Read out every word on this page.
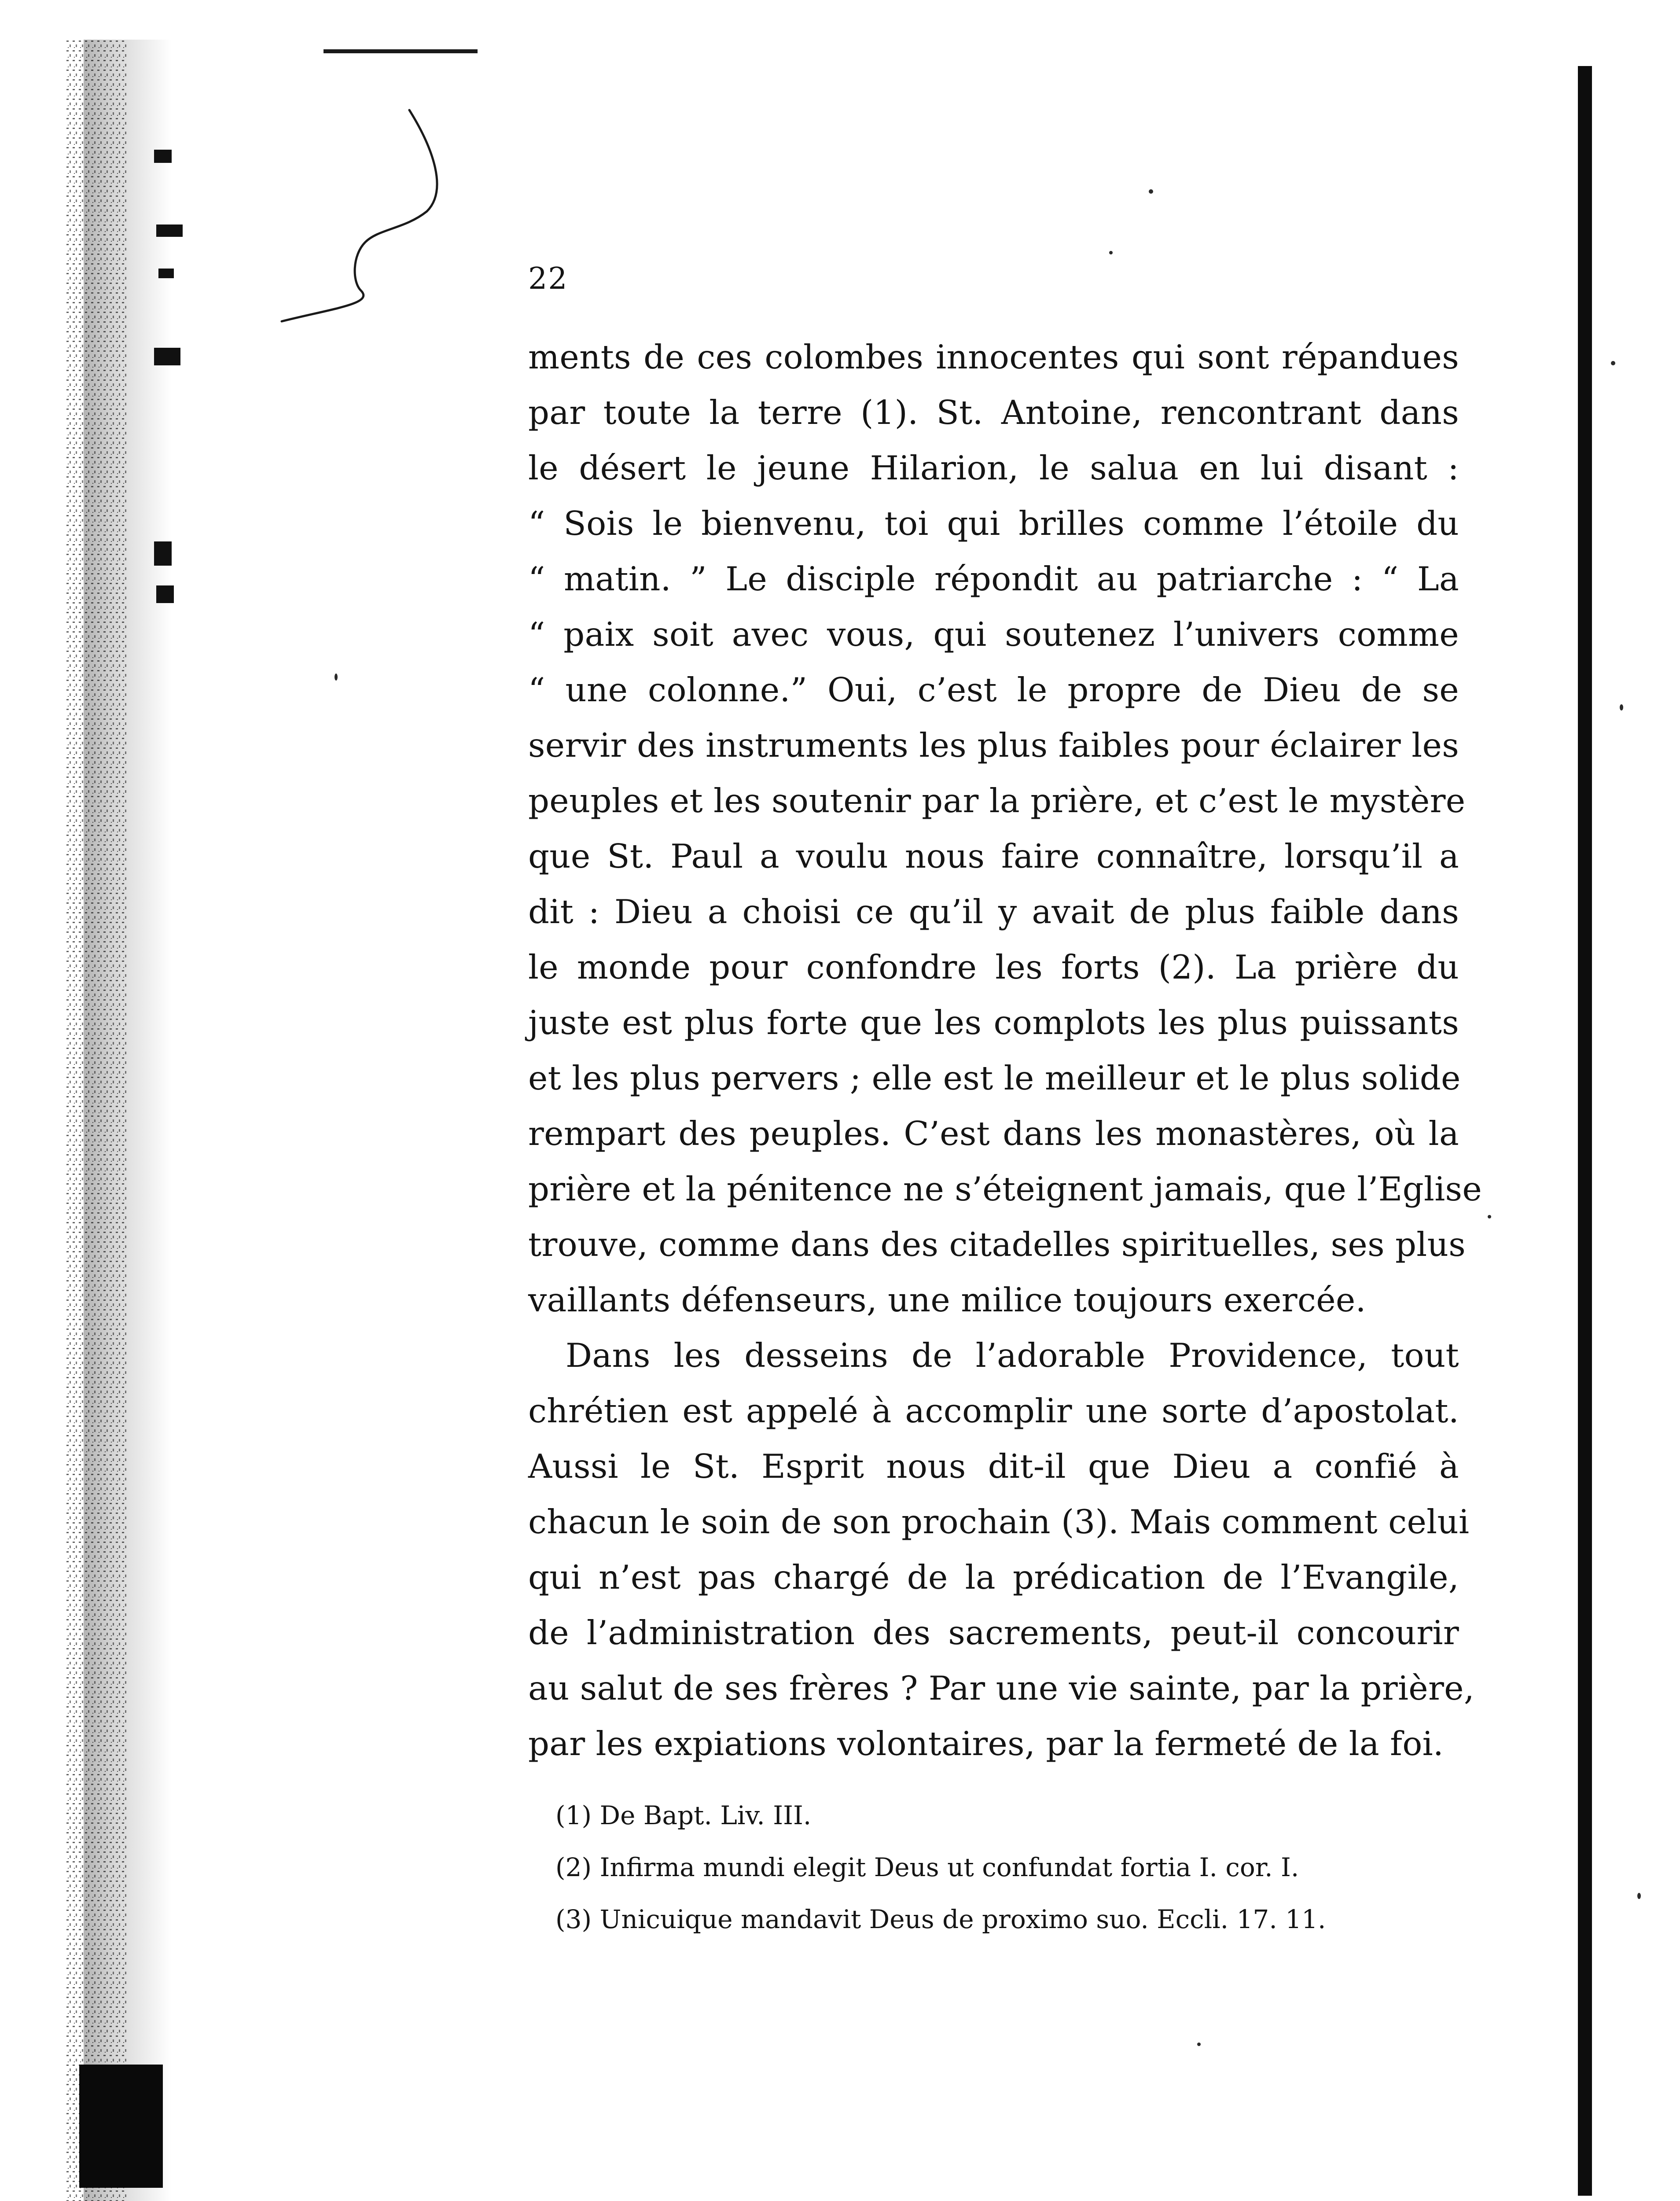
22
ments de ces colombes innocentes qui sont répandues
par toute la terre (1). St. Antoine, rencontrant dans
le désert le jeune Hilarion, le salua en lui disant :
“ Sois le bienvenu, toi qui brilles comme l’étoile du
“ matin. ” Le disciple répondit au patriarche : “ La
“ paix soit avec vous, qui soutenez l’univers comme
“ une colonne.” Oui, c’est le propre de Dieu de se
servir des instruments les plus faibles pour éclairer les
peuples et les soutenir par la prière, et c’est le mystère
que St. Paul a voulu nous faire connaître, lorsqu’il a
dit : Dieu a choisi ce qu’il y avait de plus faible dans
le monde pour confondre les forts (2). La prière du
juste est plus forte que les complots les plus puissants
et les plus pervers ; elle est le meilleur et le plus solide
rempart des peuples. C’est dans les monastères, où la
prière et la pénitence ne s’éteignent jamais, que l’Eglise
trouve, comme dans des citadelles spirituelles, ses plus
vaillants défenseurs, une milice toujours exercée.
Dans les desseins de l’adorable Providence, tout
chrétien est appelé à accomplir une sorte d’apostolat.
Aussi le St. Esprit nous dit-il que Dieu a confié à
chacun le soin de son prochain (3). Mais comment celui
qui n’est pas chargé de la prédication de l’Evangile,
de l’administration des sacrements, peut-il concourir
au salut de ses frères ? Par une vie sainte, par la prière,
par les expiations volontaires, par la fermeté de la foi.
(1) De Bapt. Liv. III.
(2) Infirma mundi elegit Deus ut confundat fortia I. cor. I.
(3) Unicuique mandavit Deus de proximo suo. Eccli. 17. 11.
